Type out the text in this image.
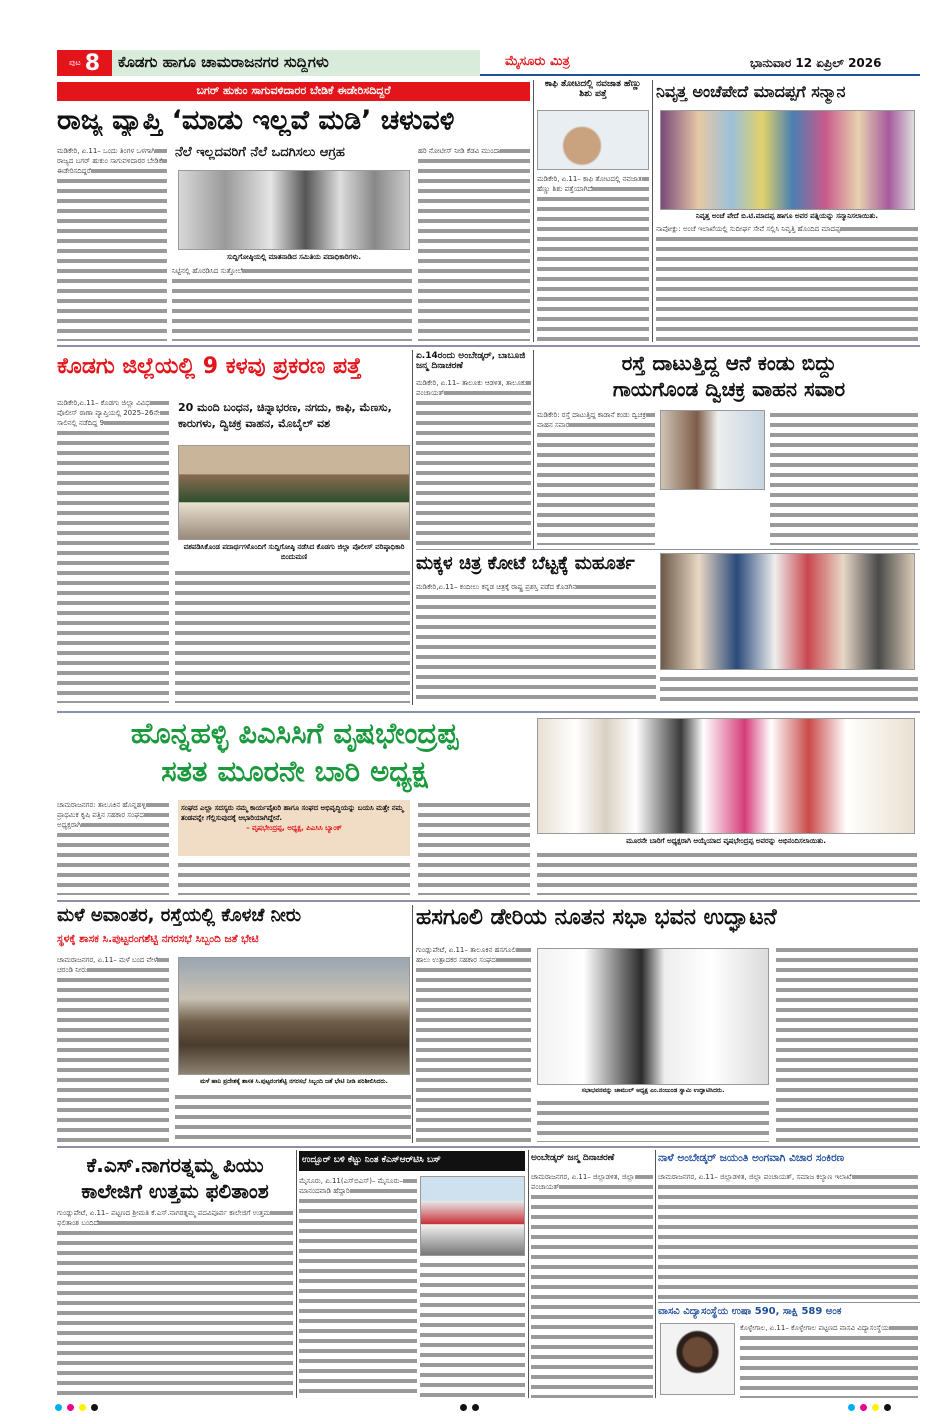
ಪುಟ 8	ಕೊಡಗು ಹಾಗೂ ಚಾಮರಾಜನಗರ ಸುದ್ದಿಗಳು	ಮೈಸೂರು ಮಿತ್ರ	ಭಾನುವಾರ 12 ಏಪ್ರಿಲ್ 2026
ಬಗರ್ ಹುಕುಂ ಸಾಗುವಳಿದಾರರ ಬೇಡಿಕೆ ಈಡೇರಿಸದಿದ್ದರೆ
ರಾಜ್ಯ ವ್ಯಾಪ್ತಿ ‘ಮಾಡು ಇಲ್ಲವೆ ಮಡಿ’ ಚಳುವಳಿ
ಮಡಿಕೇರಿ, ಏ.11– ಒಂದು ತಿಂಗಳ ಒಳಗಾಗಿ ರಾಜ್ಯದ ಬಗರ್ ಹುಕುಂ ಸಾಗುವಳಿದಾರರ ಬೇಡಿಕೆ ಈಡೇರಿಸದಿದ್ದರೆ
ನೆಲೆ ಇಲ್ಲದವರಿಗೆ ನೆಲೆ ಒದಗಿಸಲು ಆಗ್ರಹ
ಸುದ್ದಿಗೋಷ್ಠಿಯಲ್ಲಿ ಮಾತನಾಡಿದ ಸಮಿತಿಯ ಪದಾಧಿಕಾರಿಗಳು.
ನಿಟ್ಟಿನಲ್ಲಿ ಹೊರಡಿಸಿದ ಸುತ್ತೋಲೆ
ಹರಿ ನೋಟೀಸ್ ನೀಡಿ ಕೆಡವಿ ಮುಂದಾ
ಕಾಫಿ ತೋಟದಲ್ಲಿ ನವಜಾತ ಹೆಣ್ಣು ಶಿಶು ಪತ್ತೆ
ಮಡಿಕೇರಿ, ಏ.11– ಕಾಫಿ ತೋಟದಲ್ಲಿ ನವಜಾತ ಹೆಣ್ಣು ಶಿಶು ಪತ್ತೆಯಾಗಿದೆ
ನಿವೃತ್ತ ಅಂಚೆಪೇದೆ ಮಾದಪ್ಪಗೆ ಸನ್ಮಾನ
ನಿವೃತ್ತ ಅಂಚೆ ಪೇದೆ ಬಿ.ಟಿ.ಮಾದಪ್ಪ ಹಾಗೂ ಅವರ ಪತ್ನಿಯನ್ನು ಸನ್ಮಾನಿಸಲಾಯಿತು.
ನಾಪೋಕ್ಲು: ಅಂಚೆ ಇಲಾಖೆಯಲ್ಲಿ ಸುದೀರ್ಘ ಸೇವೆ ಸಲ್ಲಿಸಿ ನಿವೃತ್ತಿ ಹೊಂದಿದ ಮಾದಪ್ಪ
ಕೊಡಗು ಜಿಲ್ಲೆಯಲ್ಲಿ 9 ಕಳವು ಪ್ರಕರಣ ಪತ್ತೆ
ಮಡಿಕೇರಿ,ಏ.11– ಕೊಡಗು ಜಿಲ್ಲಾ ವಿವಿಧ ಪೊಲೀಸ್ ಠಾಣಾ ವ್ಯಾಪ್ತಿಯಲ್ಲಿ 2025–26ನೇ ಸಾಲಿನಲ್ಲಿ ನಡೆದಿದ್ದ 9
20 ಮಂದಿ ಬಂಧನ, ಚಿನ್ನಾಭರಣ, ನಗದು, ಕಾಫಿ, ಮೆಣಸು, ಕಾರುಗಳು, ದ್ವಿಚಕ್ರ ವಾಹನ, ಮೊಬೈಲ್ ವಶ
ವಶಪಡಿಸಿಕೊಂಡ ಪದಾರ್ಥಗಳೊಂದಿಗೆ ಸುದ್ದಿಗೋಷ್ಠಿ ನಡೆಸಿದ ಕೊಡಗು ಜಿಲ್ಲಾ ಪೊಲೀಸ್ ವರಿಷ್ಠಾಧಿಕಾರಿ ಬಿಂದುಮಣಿ
ಏ.14ರಂದು ಅಂಬೇಡ್ಕರ್, ಬಾಬೂಜಿ ಜನ್ಮ ದಿನಾಚರಣೆ
ಮಡಿಕೇರಿ, ಏ.11– ತಾಲೂಕು ಆಡಳಿತ, ತಾಲೂಕು ಪಂಚಾಯತ್
ರಸ್ತೆ ದಾಟುತ್ತಿದ್ದ ಆನೆ ಕಂಡು ಬಿದ್ದು
ಗಾಯಗೊಂಡ ದ್ವಿಚಕ್ರ ವಾಹನ ಸವಾರ
ಮಡಿಕೇರಿ: ರಸ್ತೆ ದಾಟುತ್ತಿದ್ದ ಕಾಡಾನೆ ಕಂಡು ದ್ವಿಚಕ್ರ ವಾಹನ ಸವಾರ
ಮಕ್ಕಳ ಚಿತ್ರ ಕೋಟೆ ಬೆಟ್ಟಕ್ಕೆ ಮಹೂರ್ತ
ಮಡಿಕೇರಿ,ಏ.11– ಕಂದೀಲು ಕನ್ನಡ ಚಿತ್ರಕ್ಕೆ ರಾಷ್ಟ್ರ ಪ್ರಶಸ್ತಿ ಪಡೆದ ಕೊಡಗಿನ
ಹೊನ್ನಹಳ್ಳಿ ಪಿಎಸಿಸಿಗೆ ವೃಷಭೇಂದ್ರಪ್ಪ
ಸತತ ಮೂರನೇ ಬಾರಿ ಅಧ್ಯಕ್ಷ
ಚಾಮರಾಜನಗರ: ತಾಲೂಕಿನ ಹೊನ್ನಹಳ್ಳಿ ಪ್ರಾಥಮಿಕ ಕೃಷಿ ಪತ್ತಿನ ಸಹಕಾರ ಸಂಘದ ಅಧ್ಯಕ್ಷರಾಗಿ
ಸಂಘದ ಎಲ್ಲಾ ಸದಸ್ಯರು ನಮ್ಮ ಕಾರ್ಯವೈಖರಿ ಹಾಗೂ ಸಂಘದ ಅಭಿವೃದ್ಧಿಯನ್ನು ಬಯಸಿ ಮತ್ತೇ ನಮ್ಮ ತಂಡವನ್ನೇ ಗೆಲ್ಲಿಸುವುದಕ್ಕೆ ಆಭಾರಿಯಾಗಿದ್ದೇನೆ.
– ವೃಷಭೇಂದ್ರಪ್ಪ, ಅಧ್ಯಕ್ಷ, ಪಿಎಸಿಸಿ ಬ್ಯಾಂಕ್
ಮೂರನೇ ಬಾರಿಗೆ ಅಧ್ಯಕ್ಷರಾಗಿ ಆಯ್ಕೆಯಾದ ವೃಷಭೇಂದ್ರಪ್ಪ ಅವರನ್ನು ಅಭಿನಂದಿಸಲಾಯಿತು.
ಮಳೆ ಅವಾಂತರ, ರಸ್ತೆಯಲ್ಲಿ ಕೊಳಚೆ ನೀರು
ಸ್ಥಳಕ್ಕೆ ಶಾಸಕ ಸಿ.ಪುಟ್ಟರಂಗಶೆಟ್ಟಿ ನಗರಸಭೆ ಸಿಬ್ಬಂದಿ ಜತೆ ಭೇಟಿ
ಚಾಮರಾಜನಗರ, ಏ.11– ಮಳೆ ಬಂದ ವೇಳೆ ಚರಂಡಿ ನೀರು
ಮಳೆ ಹಾನಿ ಪ್ರದೇಶಕ್ಕೆ ಶಾಸಕ ಸಿ.ಪುಟ್ಟರಂಗಶೆಟ್ಟಿ ನಗರಸಭೆ ಸಿಬ್ಬಂದಿ ಜತೆ ಭೇಟಿ ನೀಡಿ ಪರಿಶೀಲಿಸಿದರು.
ಹಸಗೂಲಿ ಡೇರಿಯ ನೂತನ ಸಭಾ ಭವನ ಉದ್ಘಾಟನೆ
ಗುಂಡ್ಲುಪೇಟೆ, ಏ.11– ತಾಲೂಕಿನ ಹಸಗೂಲಿ ಹಾಲು ಉತ್ಪಾದಕರ ಸಹಕಾರ ಸಂಘದ
ಸಭಾಭವನವನ್ನು ಚಾಮುಲ್ ಅಧ್ಯಕ್ಷ ಎಂ.ನಂಜುಂಡ ಸ್ವಾಮಿ ಉದ್ಘಾಟಿಸಿದರು.
ಕೆ.ಎಸ್.ನಾಗರತ್ನಮ್ಮ ಪಿಯು ಕಾಲೇಜಿಗೆ ಉತ್ತಮ ಫಲಿತಾಂಶ
ಗುಂಡ್ಲುಪೇಟೆ, ಏ.11– ಪಟ್ಟಣದ ಶ್ರೀಮತಿ ಕೆ.ಎಸ್.ನಾಗರತ್ನಮ್ಮ ಪದವಿಪೂರ್ವ ಕಾಲೇಜಿಗೆ ಉತ್ತಮ ಫಲಿತಾಂಶ ಬಂದಿದೆ
ಉದ್ಬೂರ್ ಬಳಿ ಕೆಟ್ಟು ನಿಂತ ಕೆಎಸ್‌ಆರ್‌ಟಿಸಿ ಬಸ್
ಮೈಸೂರು, ಏ.11(ಎಸ್‌ಬಿಎಸ್)– ಮೈಸೂರು–ಮಾನಂದವಾಡಿ ಹೆದ್ದಾರಿ
ಅಂಬೇಡ್ಕರ್ ಜನ್ಮ ದಿನಾಚರಣೆ
ಚಾಮರಾಜನಗರ, ಏ.11– ಜಿಲ್ಲಾಡಳಿತ, ಜಿಲ್ಲಾ ಪಂಚಾಯತ್
ನಾಳೆ ಅಂಬೇಡ್ಕರ್ ಜಯಂತಿ ಅಂಗವಾಗಿ ವಿಚಾರ ಸಂಕಿರಣ
ಚಾಮರಾಜನಗರ, ಏ.11– ಜಿಲ್ಲಾಡಳಿತ, ಜಿಲ್ಲಾ ಪಂಚಾಯತ್, ಸಮಾಜ ಕಲ್ಯಾಣ ಇಲಾಖೆ
ವಾಸವಿ ವಿದ್ಯಾಸಂಸ್ಥೆಯ ಉಷಾ 590, ಸಾಕ್ಷಿ 589 ಅಂಕ
ಕೊಳ್ಳೇಗಾಲ, ಏ.11– ಕೊಳ್ಳೇಗಾಲ ಪಟ್ಟಣದ ವಾಸವಿ ವಿದ್ಯಾಸಂಸ್ಥೆಯ
